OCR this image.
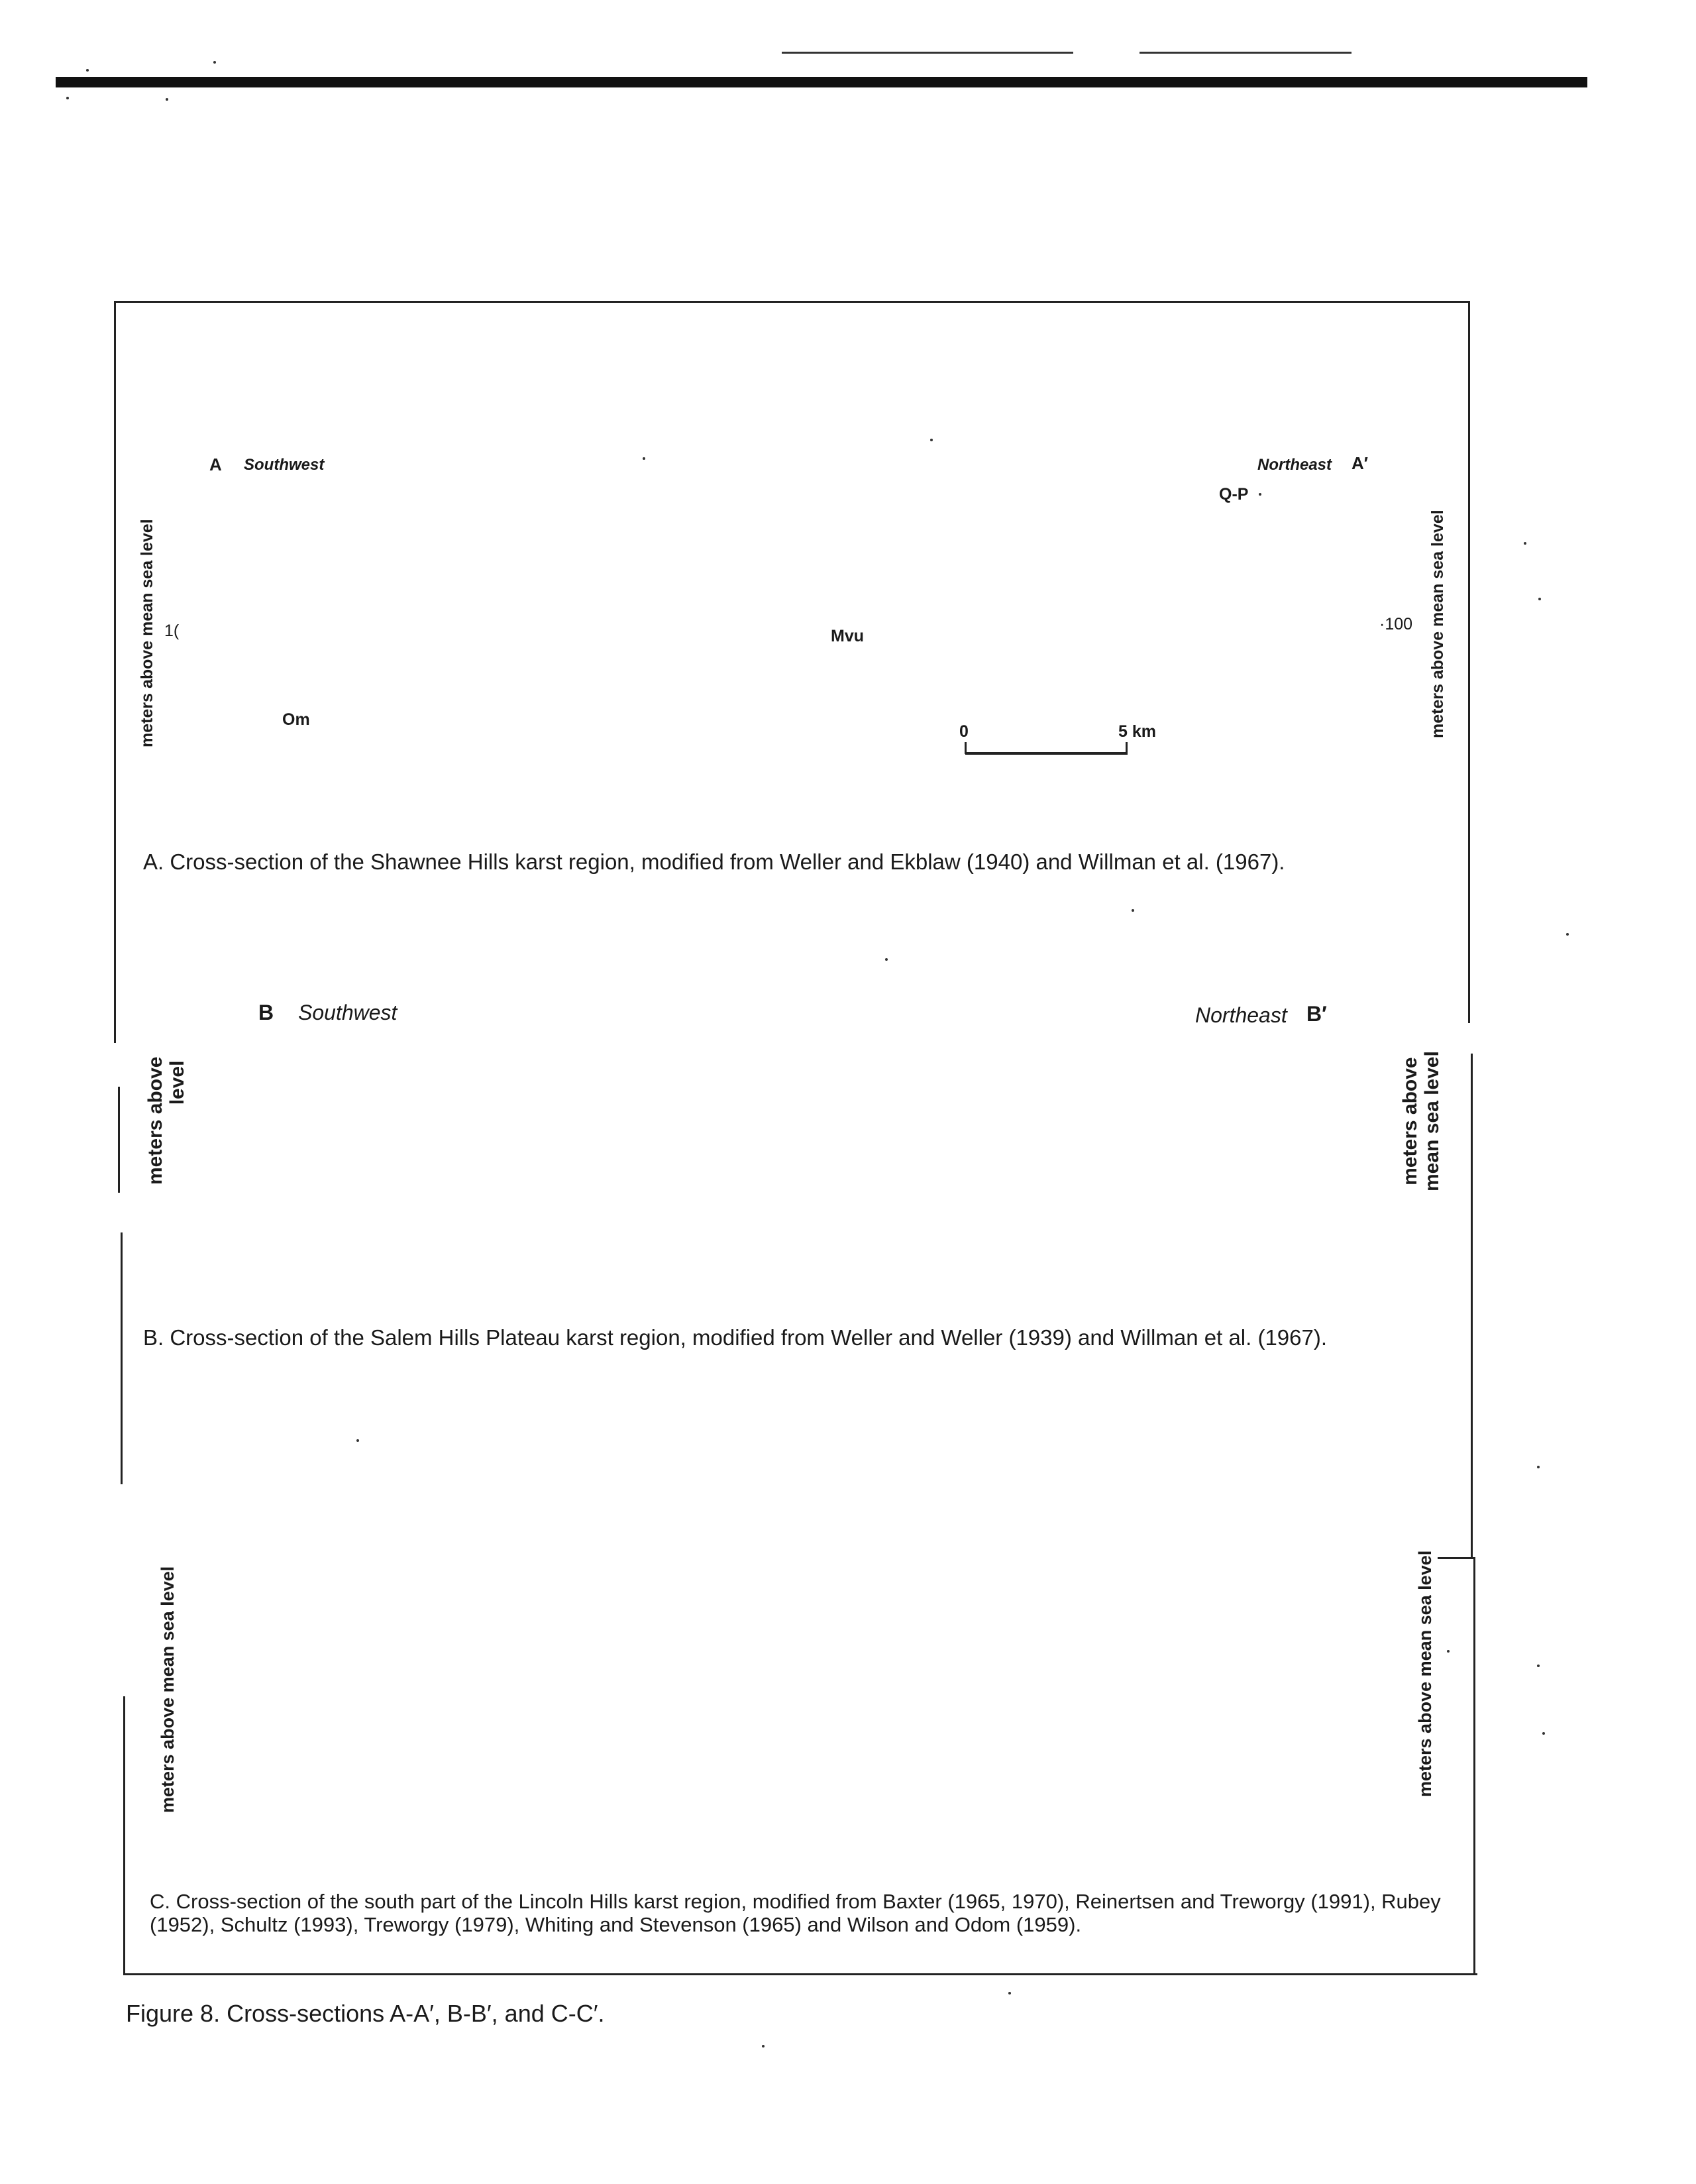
A Southwest	Northeast A′
Q-P
1(	·100
Mvu
Om
meters above mean sea level	meters above mean sea level
0	5 km
A. Cross-section of the Shawnee Hills karst region, modified from Weller and Ekblaw (1940) and Willman et al. (1967).
B Southwest	Northeast B′
meters above level	meters above mean sea level
B. Cross-section of the Salem Hills Plateau karst region, modified from Weller and Weller (1939) and Willman et al. (1967).
meters above mean sea level	meters above mean sea level
C. Cross-section of the south part of the Lincoln Hills karst region, modified from Baxter (1965, 1970), Reinertsen and Treworgy (1991), Rubey (1952), Schultz (1993), Treworgy (1979), Whiting and Stevenson (1965) and Wilson and Odom (1959).
Figure 8. Cross-sections A-A′, B-B′, and C-C′.
